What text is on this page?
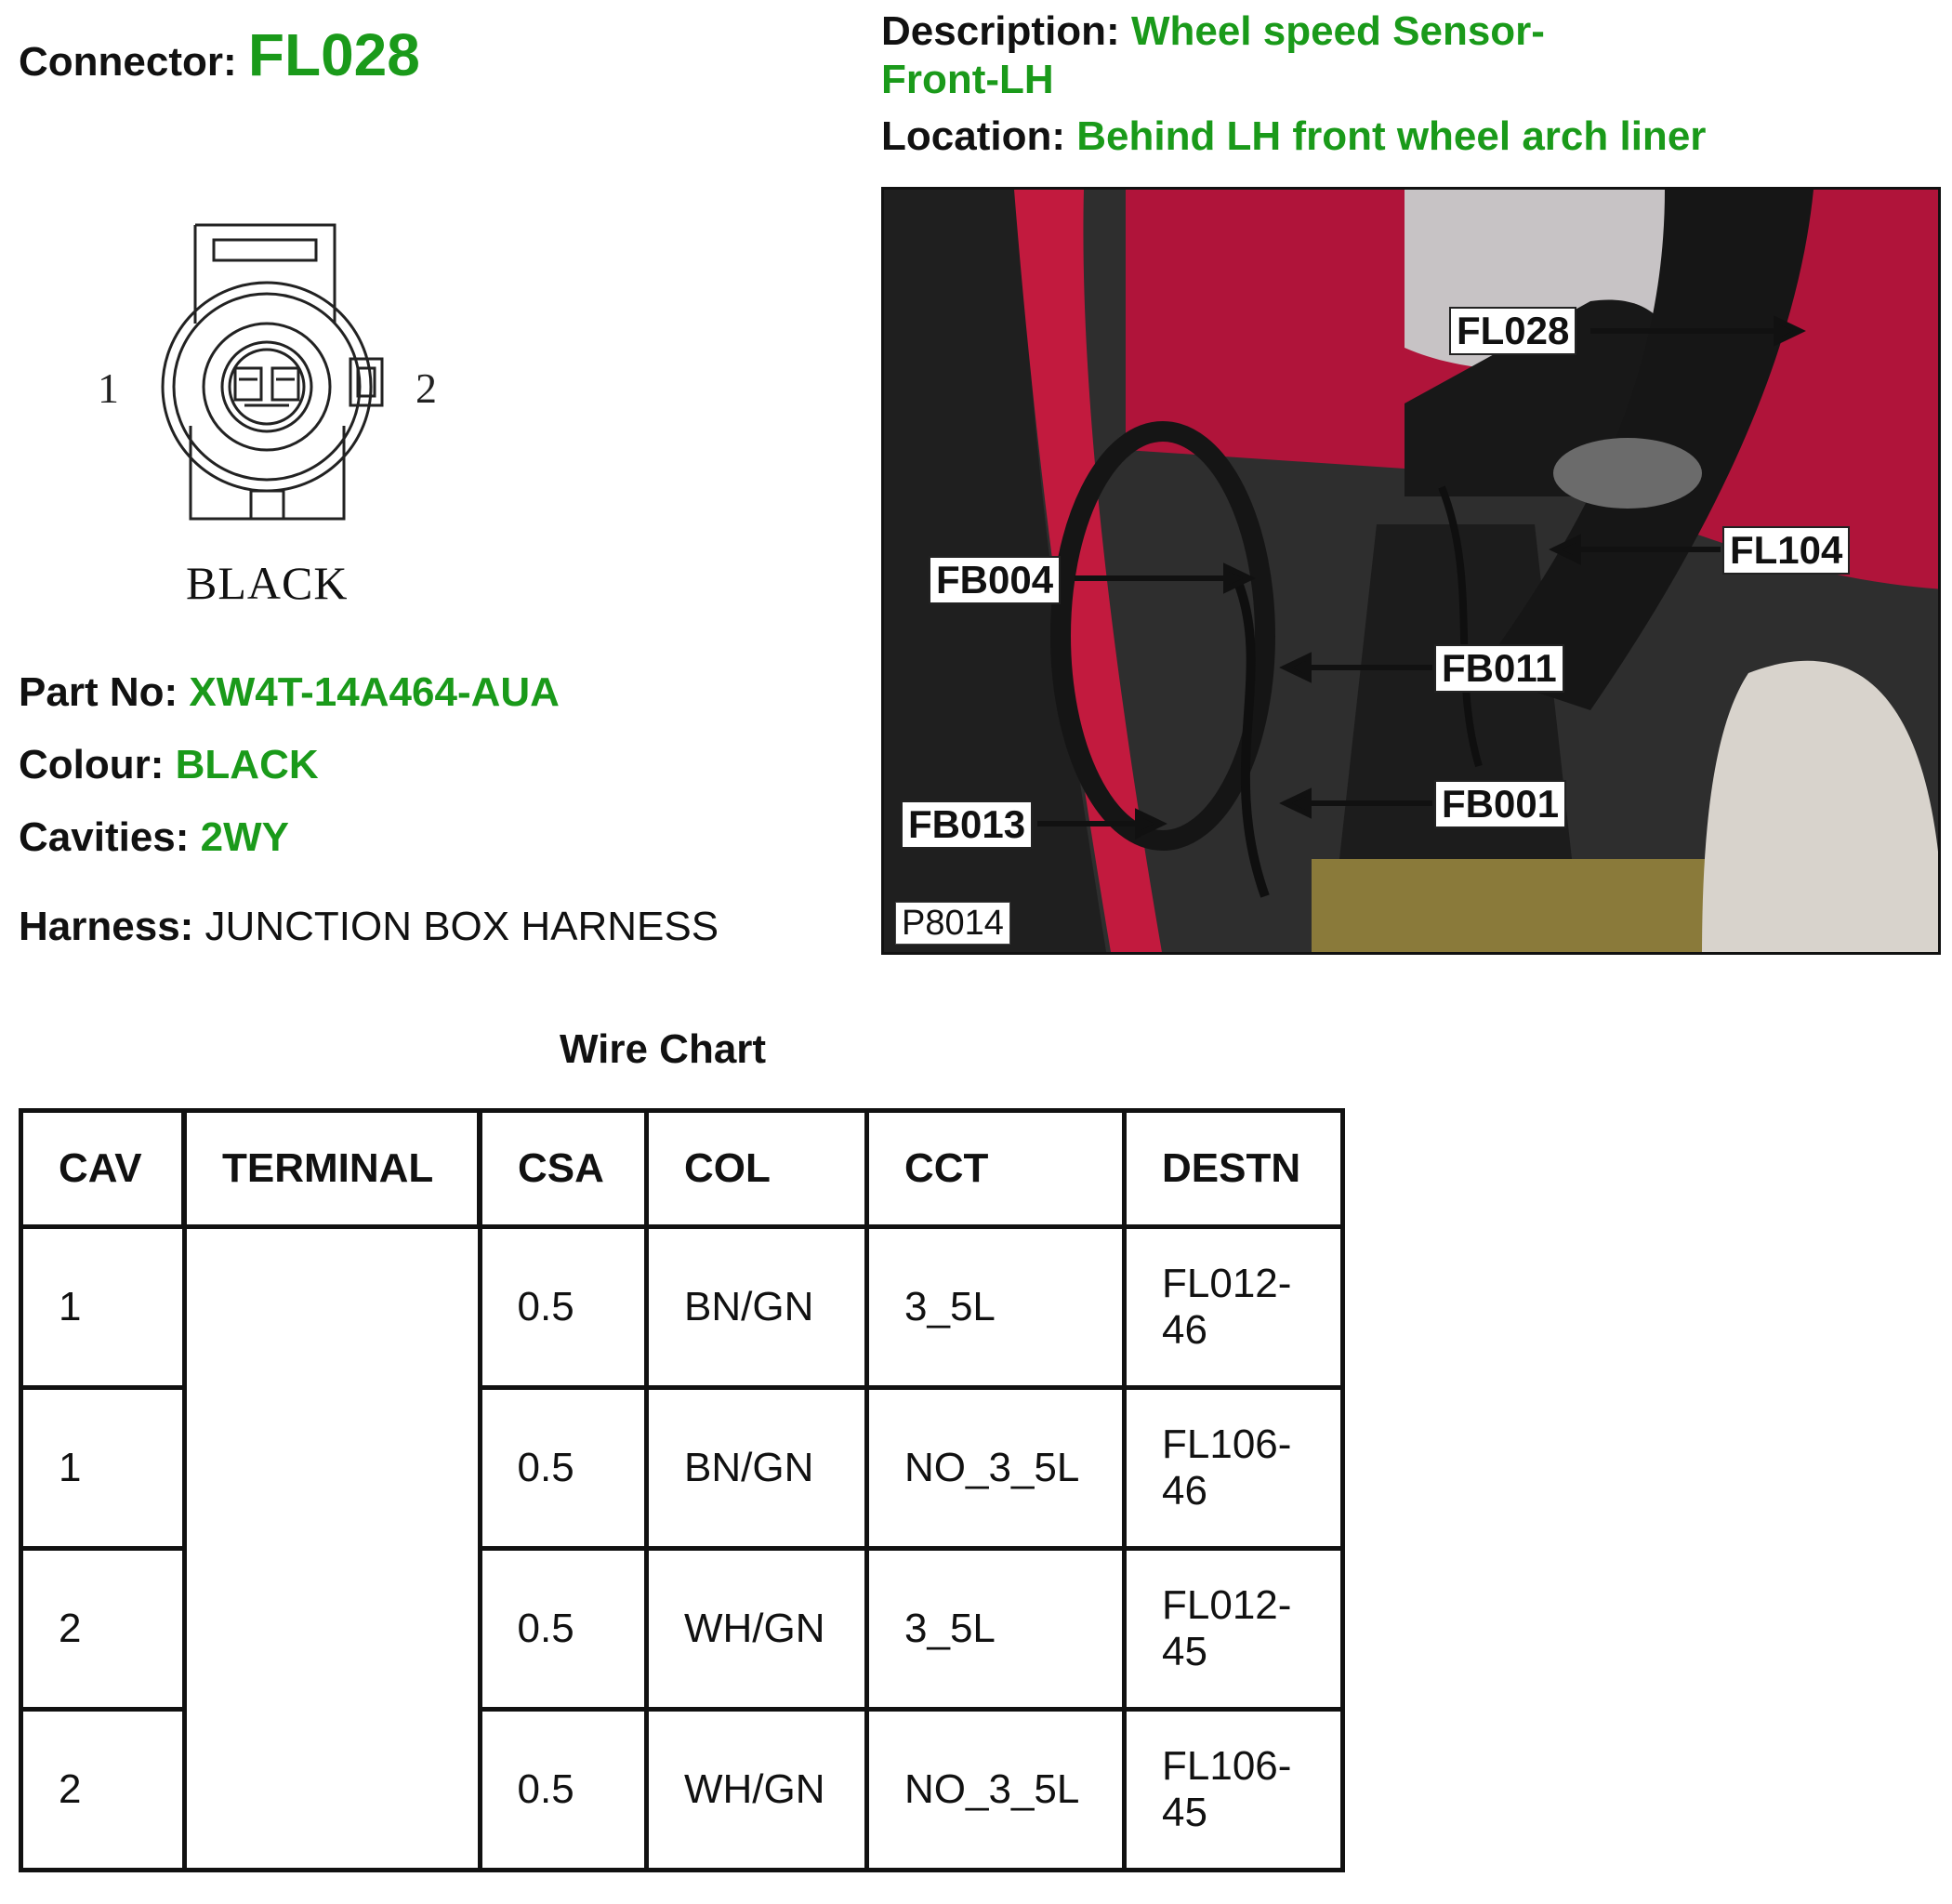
Connector: FL028	Description: Wheel speed Sensor-
Front-LH
Location: Behind LH front wheel arch liner
1	2
BLACK
Part No: XW4T-14A464-AUA
Colour: BLACK
Cavities: 2WY
Harness: JUNCTION BOX HARNESS
FL028
FL104
FB004
FB011
FB013	FB001
P8014
Wire Chart
CAV	TERMINAL	CSA	COL	CCT	DESTN
1		0.5	BN/GN	3_5L	FL012-
46
1		0.5	BN/GN	NO_3_5L	FL106-
46
2		0.5	WH/GN	3_5L	FL012-
45
2		0.5	WH/GN	NO_3_5L	FL106-
45
